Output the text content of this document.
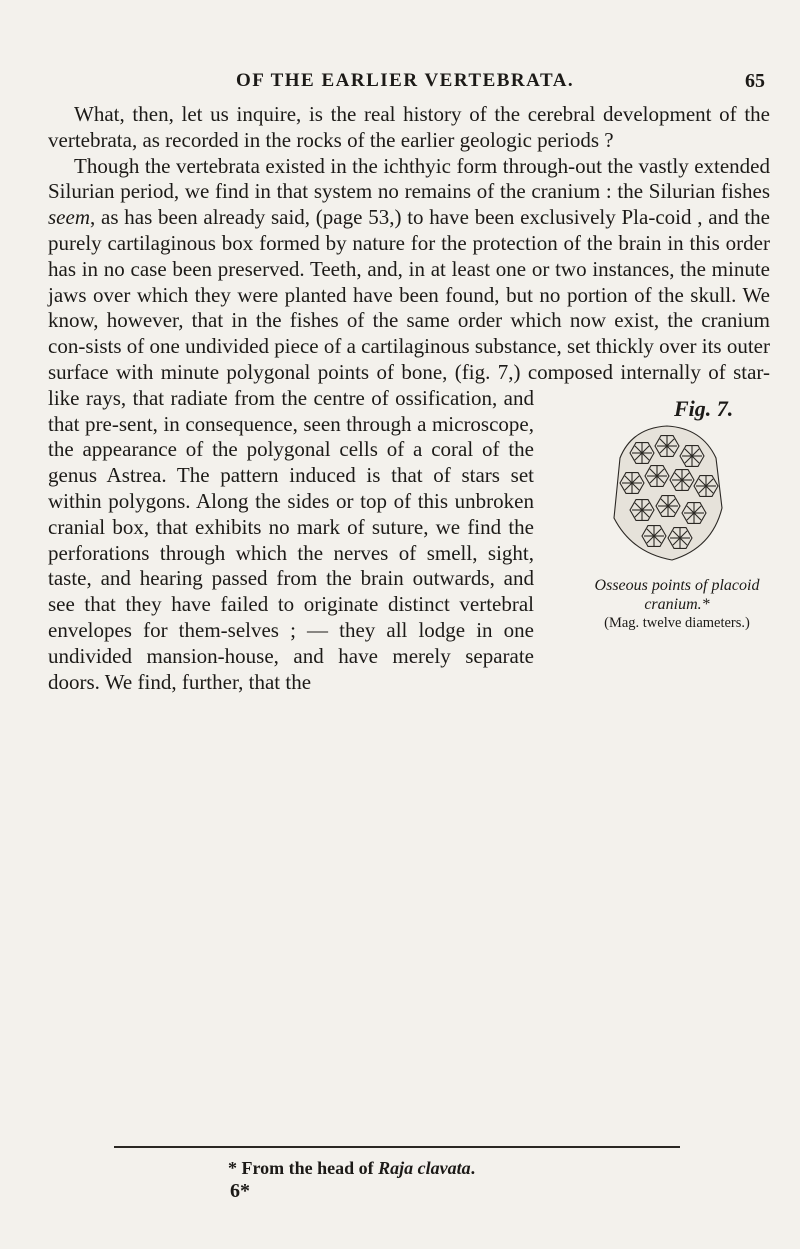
OF THE EARLIER VERTEBRATA.	65

What, then, let us inquire, is the real history of the cerebral development of the vertebrata, as recorded in the rocks of the earlier geologic periods ?

Though the vertebrata existed in the ichthyic form through-out the vastly extended Silurian period, we find in that system no remains of the cranium : the Silurian fishes seem, as has been already said, (page 53,) to have been exclusively Pla-coid , and the purely cartilaginous box formed by nature for the protection of the brain in this order has in no case been preserved. Teeth, and, in at least one or two instances, the minute jaws over which they were planted have been found, but no portion of the skull. We know, however, that in the fishes of the same order which now exist, the cranium con-sists of one undivided piece of a cartilaginous substance, set thickly over its outer surface with minute polygonal points of bone, (fig. 7,) composed internally of
Fig. 7.
Osseous points of placoid
cranium.*
(Mag. twelve diameters.)
star-like rays, that radiate from the centre of ossification, and that pre-sent, in consequence, seen through a microscope, the appearance of the polygonal cells of a coral of the genus Astrea. The pattern induced is that of stars set within polygons. Along the sides or top of this unbroken cranial box, that exhibits no mark of suture, we find the perforations through which the nerves of smell, sight, taste, and hearing passed from the brain outwards, and see that they have failed to originate distinct vertebral envelopes for them-selves ; — they all lodge in one undivided mansion-house, and have merely separate doors. We find, further, that the

* From the head of Raja clavata.
6*
